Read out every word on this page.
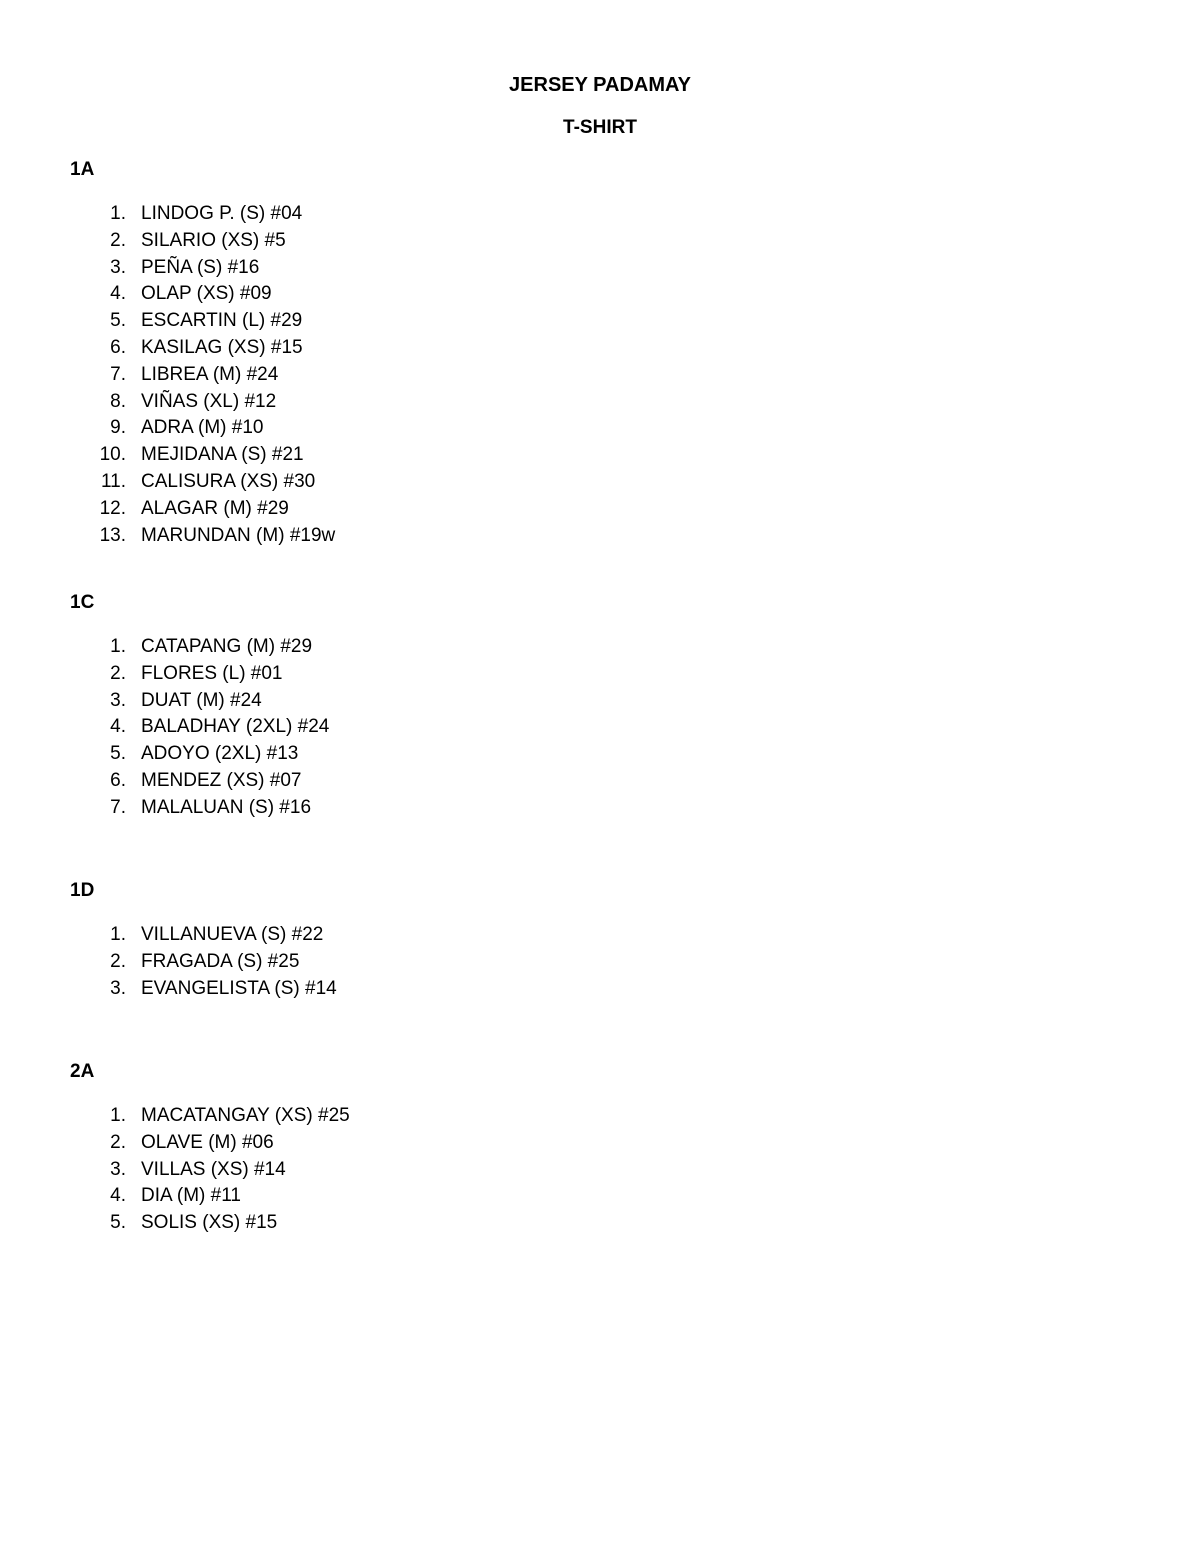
JERSEY PADAMAY
T-SHIRT
1A
1. LINDOG P. (S) #04
2. SILARIO (XS) #5
3. PEÑA (S) #16
4. OLAP (XS) #09
5. ESCARTIN (L) #29
6. KASILAG (XS) #15
7. LIBREA (M) #24
8. VIÑAS (XL) #12
9. ADRA (M) #10
10. MEJIDANA (S) #21
11. CALISURA (XS) #30
12. ALAGAR (M) #29
13. MARUNDAN (M) #19w
1C
1. CATAPANG (M) #29
2. FLORES (L) #01
3. DUAT (M) #24
4. BALADHAY (2XL) #24
5. ADOYO (2XL) #13
6. MENDEZ (XS) #07
7. MALALUAN (S) #16
1D
1. VILLANUEVA (S) #22
2. FRAGADA (S) #25
3. EVANGELISTA (S) #14
2A
1. MACATANGAY (XS) #25
2. OLAVE (M) #06
3. VILLAS (XS) #14
4. DIA (M) #11
5. SOLIS (XS) #15
